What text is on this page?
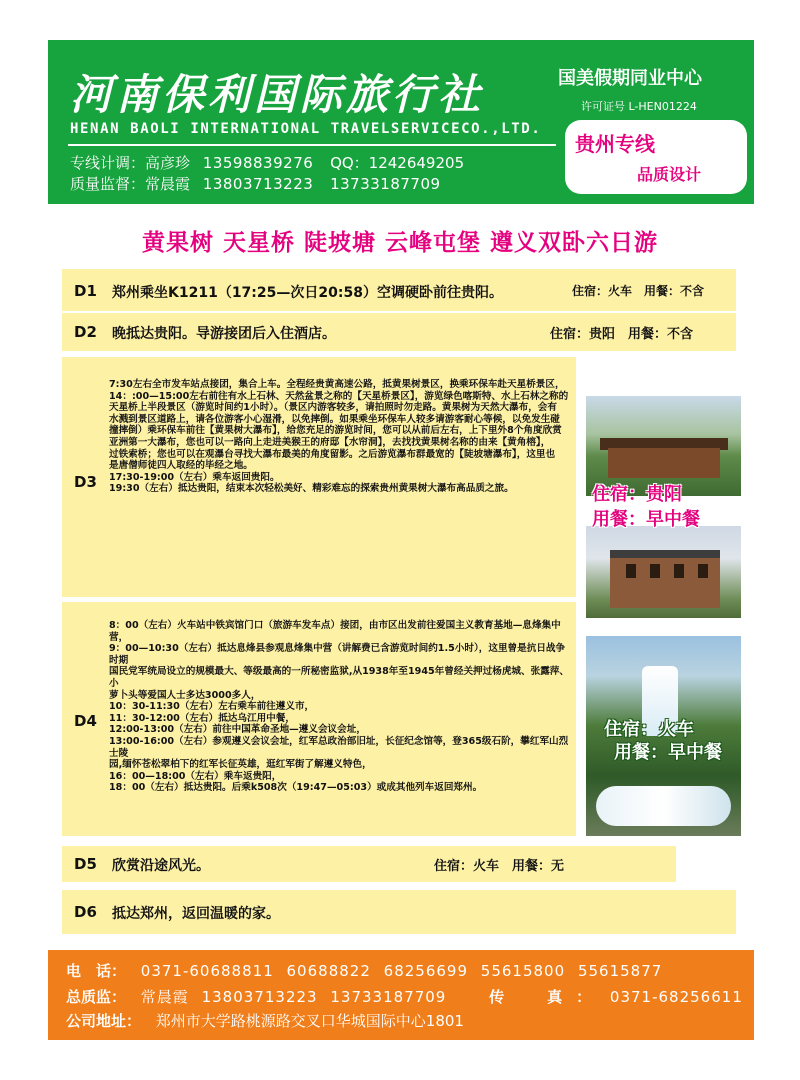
河南保利国际旅行社
HENAN BAOLI INTERNATIONAL TRAVELSERVICECO.,LTD.
专线计调：高彦珍 13598839276 QQ：1242649205
质量监督：常晨霞 13803713223 13733187709
国美假期同业中心
许可证号 L-HEN01224
贵州专线
品质设计
黄果树 天星桥 陡坡塘 云峰屯堡 遵义双卧六日游
D1 郑州乘坐K1211（17:25—次日20:58）空调硬卧前往贵阳。	住宿：火车　用餐：不含
D2 晚抵达贵阳。导游接团后入住酒店。	住宿：贵阳　用餐：不含
D3

7:30左右全市发车站点接团，集合上车。全程经贵黄高速公路，抵黄果树景区，换乘环保车赴天星桥景区，

14：:00—15:00左右前往有水上石林、天然盆景之称的【天星桥景区】，游览绿色喀斯特、水上石林之称的

天星桥上半段景区（游览时间约1小时）。（景区内游客较多，请拍照时勿走路。黄果树为天然大瀑布，会有

水溅到景区道路上，请各位游客小心湿滑，以免摔倒。如果乘坐环保车人较多请游客耐心等候，以免发生碰

撞摔倒）乘环保车前往【黄果树大瀑布】，给您充足的游览时间，您可以从前后左右，上下里外8个角度欣赏

亚洲第一大瀑布，您也可以一路向上走进美猴王的府邸【水帘洞】，去找找黄果树名称的由来【黄角榕】，

过铁索桥；您也可以在观瀑台寻找大瀑布最美的角度留影。之后游览瀑布群最宽的【陡坡塘瀑布】，这里也

是唐僧师徒四人取经的毕经之地。

17:30-19:00（左右）乘车返回贵阳。

19:30（左右）抵达贵阳，结束本次轻松美好、精彩难忘的探索贵州黄果树大瀑布高品质之旅。

D4

8：00（左右）火车站中铁宾馆门口（旅游车发车点）接团，由市区出发前往爱国主义教育基地—息烽集中营，

9：00—10:30（左右）抵达息烽县参观息烽集中营（讲解费已含游览时间约1.5小时），这里曾是抗日战争时期

国民党军统局设立的规模最大、等级最高的一所秘密监狱,从1938年至1945年曾经关押过杨虎城、张露萍、小

萝卜头等爱国人士多达3000多人，

10：30-11:30（左右）左右乘车前往遵义市，

11：30-12:00（左右）抵达乌江用中餐，

12:00-13:00（左右）前往中国革命圣地—遵义会议会址，

13:00-16:00（左右）参观遵义会议会址，红军总政治部旧址，长征纪念馆等，登365级石阶，攀红军山烈士陵

园,缅怀苍松翠柏下的红军长征英雄，逛红军街了解遵义特色，

16：00—18:00（左右）乘车返贵阳，

18：00（左右）抵达贵阳。后乘k508次（19:47—05:03）或成其他列车返回郑州。

住宿：贵阳
用餐：早中餐
住宿：火车
用餐：早中餐
D5 欣赏沿途风光。	住宿：火车　用餐：无
D6 抵达郑州，返回温暖的家。
电　话： 0371-60688811 60688822 68256699 55615800 55615877
总质监： 常晨霞 13803713223 13733187709	传　真： 0371-68256611
公司地址： 郑州市大学路桃源路交叉口华城国际中心1801
